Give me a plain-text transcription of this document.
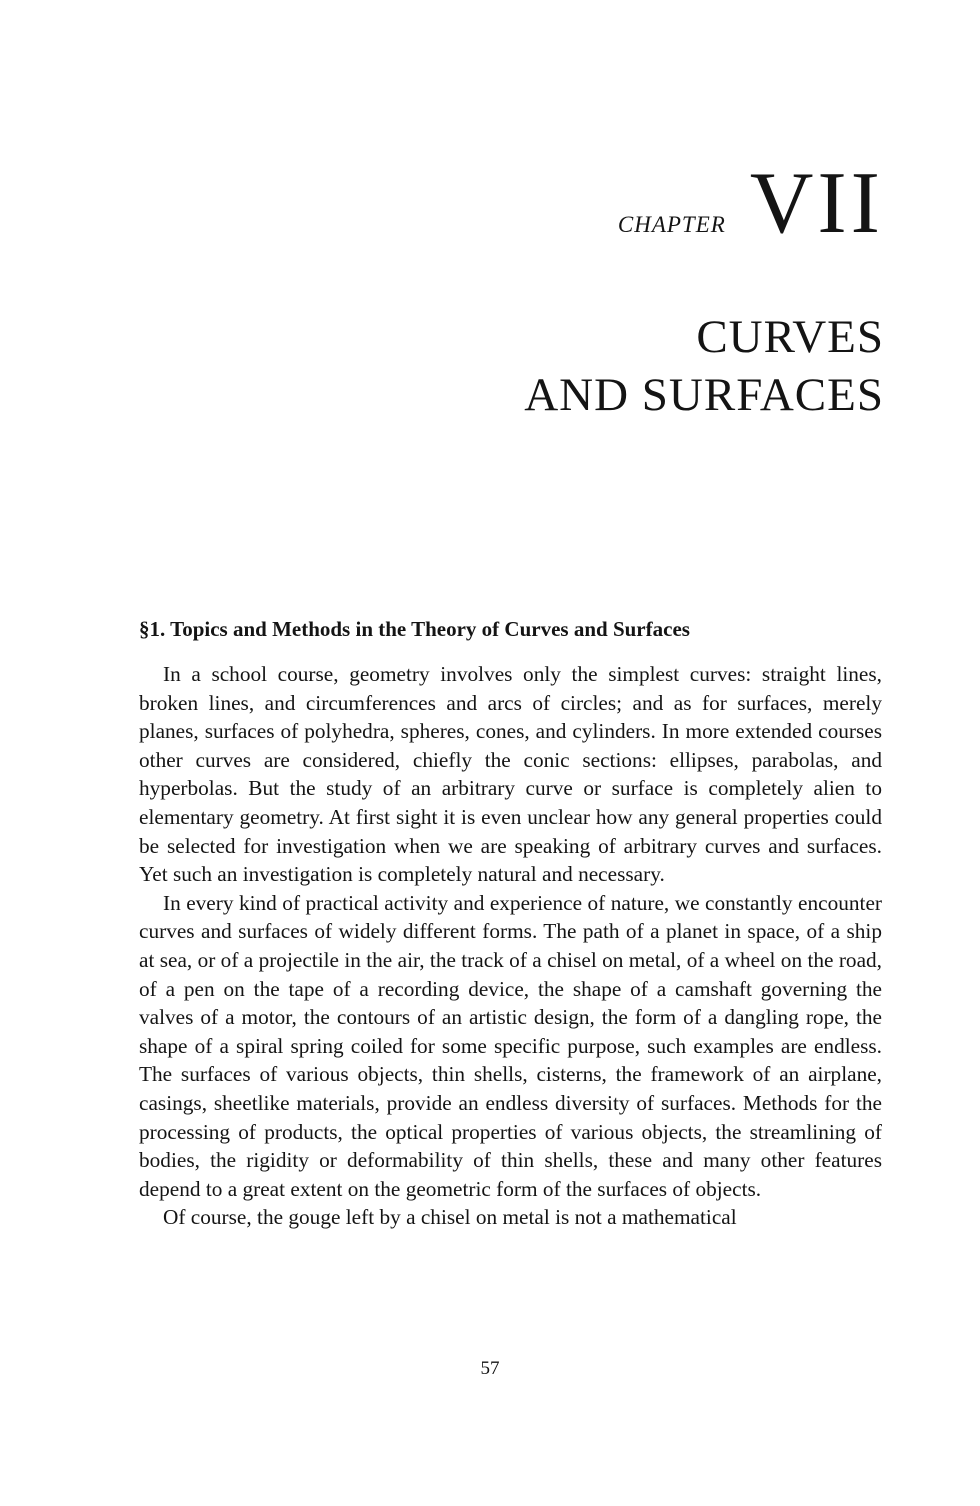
CHAPTER VII
CURVES
AND SURFACES
§1. Topics and Methods in the Theory of Curves and Surfaces

In a school course, geometry involves only the simplest curves: straight lines, broken lines, and circumferences and arcs of circles; and as for surfaces, merely planes, surfaces of polyhedra, spheres, cones, and cylinders. In more extended courses other curves are considered, chiefly the conic sections: ellipses, parabolas, and hyperbolas. But the study of an arbitrary curve or surface is completely alien to elementary geometry. At first sight it is even unclear how any general properties could be selected for investigation when we are speaking of arbitrary curves and surfaces. Yet such an investigation is completely natural and necessary.

In every kind of practical activity and experience of nature, we constantly encounter curves and surfaces of widely different forms. The path of a planet in space, of a ship at sea, or of a projectile in the air, the track of a chisel on metal, of a wheel on the road, of a pen on the tape of a recording device, the shape of a camshaft governing the valves of a motor, the contours of an artistic design, the form of a dangling rope, the shape of a spiral spring coiled for some specific purpose, such examples are endless. The surfaces of various objects, thin shells, cisterns, the framework of an airplane, casings, sheetlike materials, provide an endless diversity of surfaces. Methods for the processing of products, the optical properties of various objects, the streamlining of bodies, the rigidity or deformability of thin shells, these and many other features depend to a great extent on the geometric form of the surfaces of objects.

Of course, the gouge left by a chisel on metal is not a mathematical

57
